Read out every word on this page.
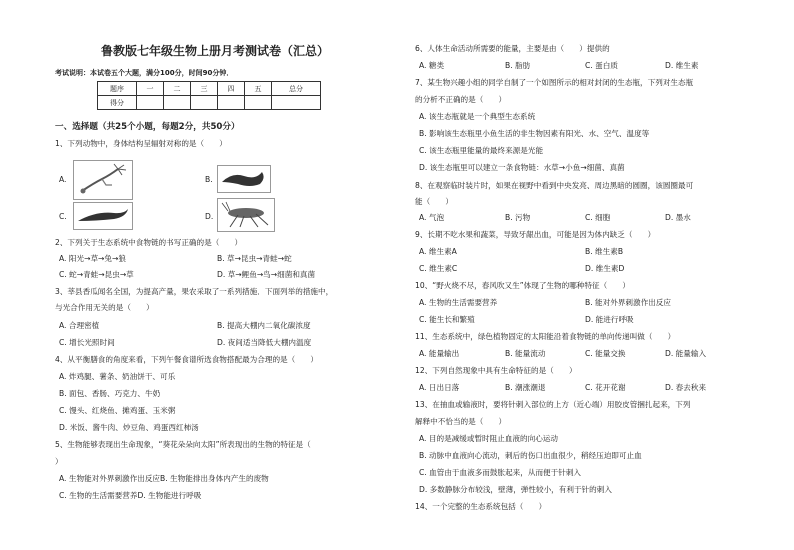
鲁教版七年级生物上册月考测试卷（汇总）
考试说明：本试卷五个大题，满分100分，时间90分钟．
题序	一	二	三	四	五	总分
得分						
一、选择题（共25个小题，每题2分，共50分）
1、下列动物中，身体结构呈辐射对称的是（　　）
A.	B.
C.	D.
2、下列关于生态系统中食物链的书写正确的是（　　）
A. 阳光→草→兔→狼	B. 草→昆虫→青蛙→蛇
C. 蛇→青蛙→昆虫→草	D. 草→鲤鱼→鸟→细菌和真菌
3、莘县香瓜闻名全国，为提高产量，果农采取了一系列措施．下面列举的措施中，
与光合作用无关的是（　　）
A. 合理密植	B. 提高大棚内二氧化碳浓度
C. 增长光照时间	D. 夜间适当降低大棚内温度
4、从平衡膳食的角度来看，下列午餐食谱所选食物搭配最为合理的是（　　）
A. 炸鸡腿、薯条、奶油饼干、可乐
B. 面包、香肠、巧克力、牛奶
C. 馒头、红烧鱼、摊鸡蛋、玉米粥
D. 米饭、酱牛肉、炒豆角、鸡蛋西红柿汤
5、生物能够表现出生命现象，“葵花朵朵向太阳”所表现出的生物的特征是（
）
A. 生物能对外界刺激作出反应B. 生物能排出身体内产生的废物
C. 生物的生活需要营养D. 生物能进行呼吸
6、人体生命活动所需要的能量，主要是由（　　）提供的
A. 糖类	B. 脂肪	C. 蛋白质	D. 维生素
7、某生物兴趣小组的同学自制了一个如图所示的相对封闭的生态瓶，下列对生态瓶
的分析不正确的是（　　）
A. 该生态瓶就是一个典型生态系统
B. 影响该生态瓶里小鱼生活的非生物因素有阳光、水、空气、温度等
C. 该生态瓶里能量的最终来源是光能
D. 该生态瓶里可以建立一条食物链：水草→小鱼→细菌、真菌
8、在观察临时装片时，如果在视野中看到中央发亮、周边黑暗的圆圈，该圆圈最可
能（　　）
A. 气泡	B. 污物	C. 细胞	D. 墨水
9、长期不吃水果和蔬菜，导致牙龈出血，可能是因为体内缺乏（　　）
A. 维生素A	B. 维生素B
C. 维生素C	D. 维生素D
10、“野火烧不尽，春风吹又生”体现了生物的哪种特征（　　）
A. 生物的生活需要营养	B. 能对外界刺激作出反应
C. 能生长和繁殖	D. 能进行呼吸
11、生态系统中，绿色植物固定的太阳能沿着食物链的单向传递叫做（　　）
A. 能量输出	B. 能量流动	C. 能量交换	D. 能量输入
12、下列自然现象中具有生命特征的是（　　）
A. 日出日落	B. 潮涨潮退	C. 花开花谢	D. 春去秋来
13、在抽血或输液时，要将针刺入部位的上方（近心端）用胶皮管捆扎起来，下列
解释中不恰当的是（　　）
A. 目的是减缓或暂时阻止血液的向心运动
B. 动脉中血液向心流动，刺后的伤口出血很少，稍经压迫即可止血
C. 血管由于血液多而鼓胀起来，从而便于针刺入
D. 多数静脉分布较浅，壁薄，弹性较小，有利于针的刺入
14、一个完整的生态系统包括（　　）
